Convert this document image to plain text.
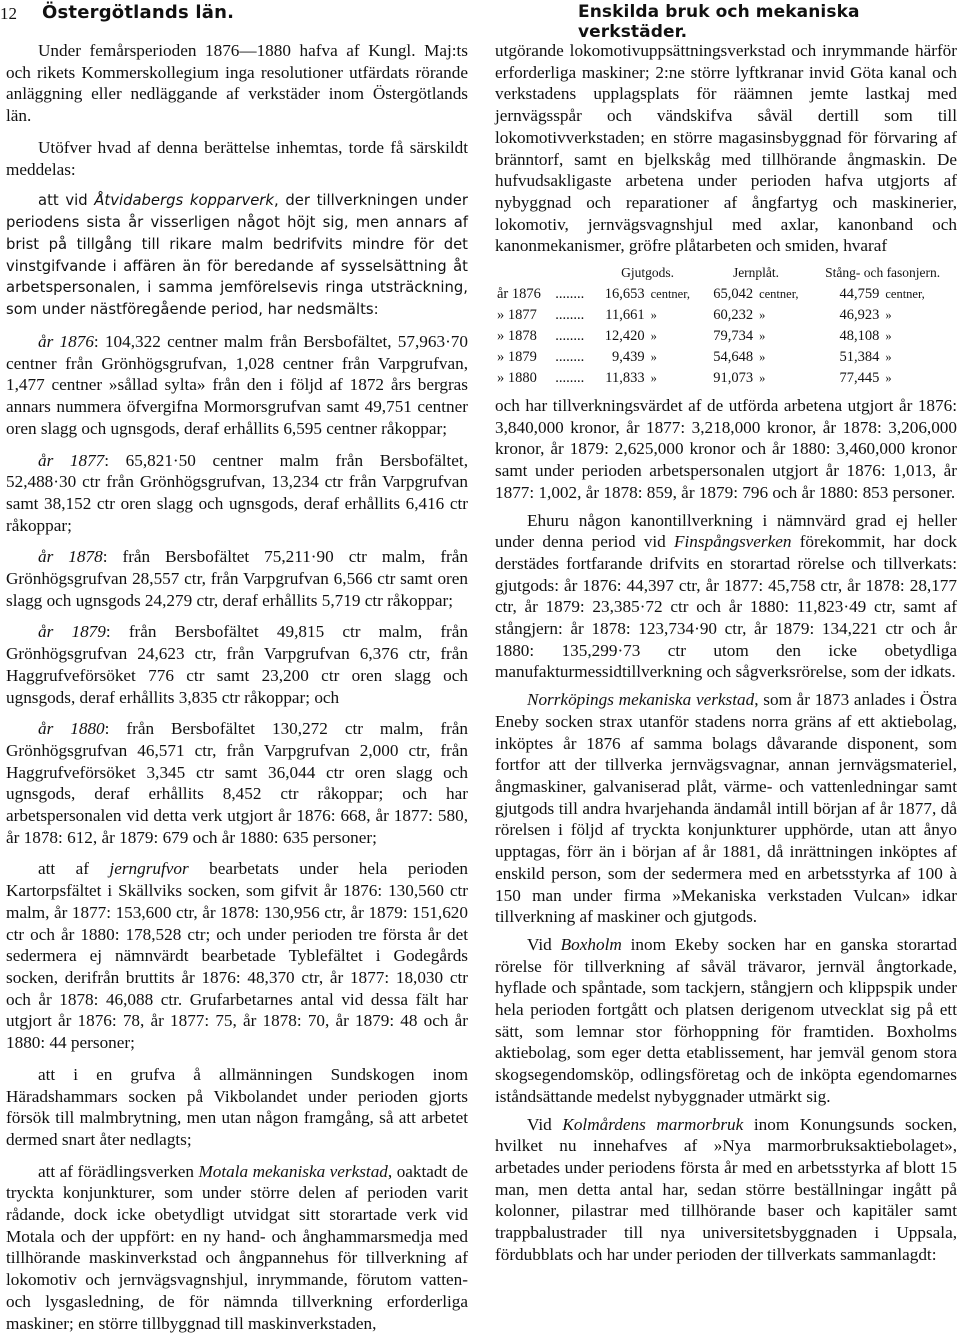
12 Östergötlands län.	Enskilda bruk och mekaniska verkstäder.

Under femårsperioden 1876—1880 hafva af Kungl. Maj:ts och rikets Kommerskollegium inga resolutioner utfärdats rörande anläggning eller nedläggande af verkstäder inom Östergötlands län.

Utöfver hvad af denna berättelse inhemtas, torde få särskildt meddelas:

att vid Åtvidabergs kopparverk, der tillverkningen under periodens sista år visserligen något höjt sig, men annars af brist på tillgång till rikare malm bedrifvits mindre för det vinstgifvande i affären än för beredande af sysselsättning åt arbetspersonalen, i samma jemförelsevis ringa utsträckning, som under nästföregående period, har nedsmälts:

år 1876: 104,322 centner malm från Bersbofältet, 57,963·70 centner från Grönhögsgrufvan, 1,028 centner från Varpgrufvan, 1,477 centner »sållad sylta» från den i följd af 1872 års bergras annars nummera öfvergifna Mormorsgrufvan samt 49,751 centner oren slagg och ugnsgods, deraf erhållits 6,595 centner råkoppar;

år 1877: 65,821·50 centner malm från Bersbofältet, 52,488·30 ctr från Grönhögsgrufvan, 13,234 ctr från Varpgrufvan samt 38,152 ctr oren slagg och ugnsgods, deraf erhållits 6,416 ctr råkoppar;

år 1878: från Bersbofältet 75,211·90 ctr malm, från Grönhögsgrufvan 28,557 ctr, från Varpgrufvan 6,566 ctr samt oren slagg och ugnsgods 24,279 ctr, deraf erhållits 5,719 ctr råkoppar;

år 1879: från Bersbofältet 49,815 ctr malm, från Grönhögsgrufvan 24,623 ctr, från Varpgrufvan 6,376 ctr, från Haggrufveförsöket 776 ctr samt 23,200 ctr oren slagg och ugnsgods, deraf erhållits 3,835 ctr råkoppar; och

år 1880: från Bersbofältet 130,272 ctr malm, från Grönhögsgrufvan 46,571 ctr, från Varpgrufvan 2,000 ctr, från Haggrufveförsöket 3,345 ctr samt 36,044 ctr oren slagg och ugnsgods, deraf erhållits 8,452 ctr råkoppar; och har arbetspersonalen vid detta verk utgjort år 1876: 668, år 1877: 580, år 1878: 612, år 1879: 679 och år 1880: 635 personer;

att af jerngrufvor bearbetats under hela perioden Kartorpsfältet i Skällviks socken, som gifvit år 1876: 130,560 ctr malm, år 1877: 153,600 ctr, år 1878: 130,956 ctr, år 1879: 151,620 ctr och år 1880: 178,528 ctr; och under perioden tre första år det sedermera ej nämnvärdt bearbetade Tyblefältet i Godegårds socken, derifrån bruttits år 1876: 48,370 ctr, år 1877: 18,030 ctr och år 1878: 46,088 ctr. Grufarbetarnes antal vid dessa fält har utgjort år 1876: 78, år 1877: 75, år 1878: 70, år 1879: 48 och år 1880: 44 personer;

att i en grufva å allmänningen Sundskogen inom Häradshammars socken på Vikbolandet under perioden gjorts försök till malmbrytning, men utan någon framgång, så att arbetet dermed snart åter nedlagts;

att af förädlingsverken Motala mekaniska verkstad, oaktadt de tryckta konjunkturer, som under större delen af perioden varit rådande, dock icke obetydligt utvidgat sitt storartade verk vid Motala och der uppfört: en ny hand- och ånghammarsmedja med tillhörande maskinverkstad och ångpannehus för tillverkning af lokomotiv och jernvägsvagnshjul, inrymmande, förutom vatten- och lysgasledning, de för nämnda tillverkning erforderliga maskiner; en större tillbyggnad till maskinverkstaden,

utgörande lokomotivuppsättningsverkstad och inrymmande härför erforderliga maskiner; 2:ne större lyftkranar invid Göta kanal och verkstadens upplagsplats för räämnen jemte lastkaj med jernvägsspår och vändskifva såväl dertill som till lokomotivverkstaden; en större magasinsbyggnad för förvaring af bränntorf, samt en bjelkskåg med tillhörande ångmaskin. De hufvudsakligaste arbetena under perioden hafva utgjorts af nybyggnad och reparationer af ångfartyg och maskinerier, lokomotiv, jernvägsvagnshjul med axlar, kanonband och kanonmekanismer, gröfre plåtarbeten och smiden, hvaraf

		Gjutgods.		Jernplåt.		Stång- och fasonjern.	
år 1876	........	16,653	centner,	65,042	centner,	44,759	centner,
» 1877	........	11,661	»	60,232	»	46,923	»
» 1878	........	12,420	»	79,734	»	48,108	»
» 1879	........	9,439	»	54,648	»	51,384	»
» 1880	........	11,833	»	91,073	»	77,445	»

och har tillverkningsvärdet af de utförda arbetena utgjort år 1876: 3,840,000 kronor, år 1877: 3,218,000 kronor, år 1878: 3,206,000 kronor, år 1879: 2,625,000 kronor och år 1880: 3,460,000 kronor samt under perioden arbetspersonalen utgjort år 1876: 1,013, år 1877: 1,002, år 1878: 859, år 1879: 796 och år 1880: 853 personer.

Ehuru någon kanontillverkning i nämnvärd grad ej heller under denna period vid Finspångsverken förekommit, har dock derstädes fortfarande drifvits en storartad rörelse och tillverkats: gjutgods: år 1876: 44,397 ctr, år 1877: 45,758 ctr, år 1878: 28,177 ctr, år 1879: 23,385·72 ctr och år 1880: 11,823·49 ctr, samt af stångjern: år 1878: 123,734·90 ctr, år 1879: 134,221 ctr och år 1880: 135,299·73 ctr utom den icke obetydliga manufakturmessidtillverkning och sågverksrörelse, som der idkats.

Norrköpings mekaniska verkstad, som år 1873 anlades i Östra Eneby socken strax utanför stadens norra gräns af ett aktiebolag, inköptes år 1876 af samma bolags dåvarande disponent, som fortfor att der tillverka jernvägsvagnar, annan jernvägsmateriel, ångmaskiner, galvaniserad plåt, värme- och vattenledningar samt gjutgods till andra hvarjehanda ändamål intill början af år 1877, då rörelsen i följd af tryckta konjunkturer upphörde, utan att ånyo upptagas, förr än i början af år 1881, då inrättningen inköptes af enskild person, som der sedermera med en arbetsstyrka af 100 à 150 man under firma »Mekaniska verkstaden Vulcan» idkar tillverkning af maskiner och gjutgods.

Vid Boxholm inom Ekeby socken har en ganska storartad rörelse för tillverkning af såväl trävaror, jernväl ångtorkade, hyflade och spåntade, som tackjern, stångjern och klippspik under hela perioden fortgått och platsen derigenom utvecklat sig på ett sätt, som lemnar stor förhoppning för framtiden. Boxholms aktiebolag, som eger detta etablissement, har jemväl genom stora skogsegendomsköp, odlingsföretag och de inköpta egendomarnes iståndsättande medelst nybyggnader utmärkt sig.

Vid Kolmårdens marmorbruk inom Konungsunds socken, hvilket nu innehafves af »Nya marmorbruksaktiebolaget», arbetades under periodens första år med en arbetsstyrka af blott 15 man, men detta antal har, sedan större beställningar ingått på kolonner, pilastrar med tillhörande baser och kapitäler samt trappbalustrader till nya universitetsbyggnaden i Uppsala, fördubblats och har under perioden der tillverkats sammanlagdt:
